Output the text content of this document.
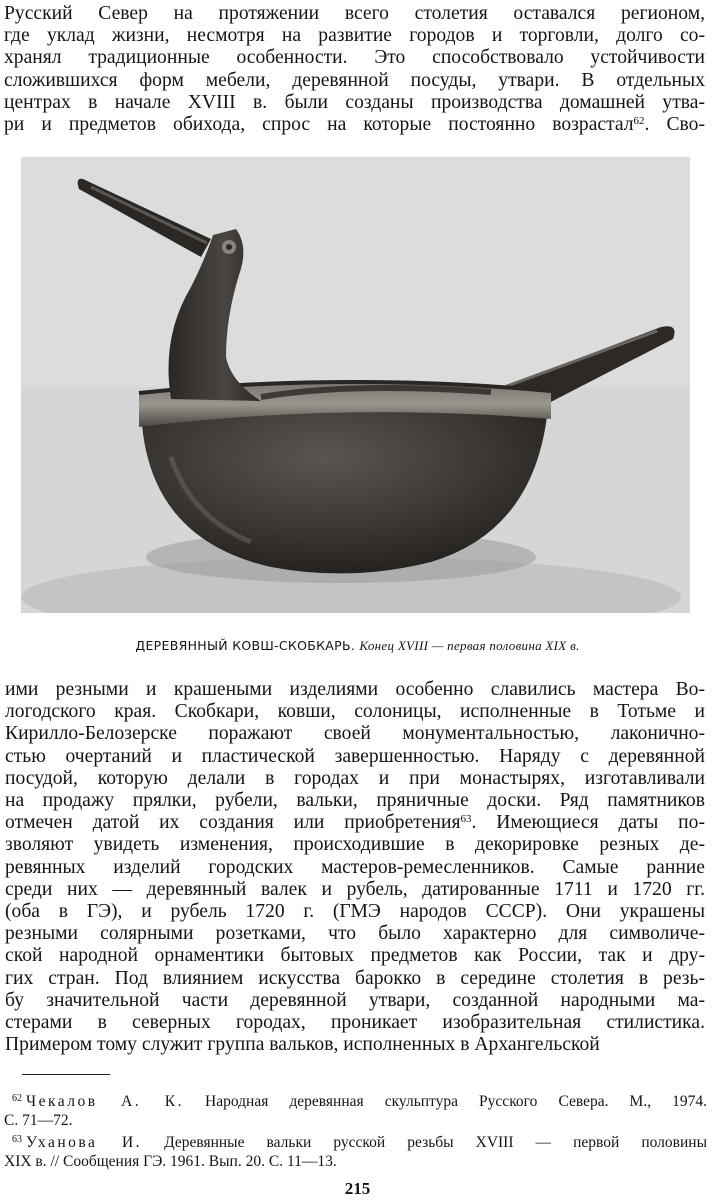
Русский Север на протяжении всего столетия оставался регионом,
где уклад жизни, несмотря на развитие городов и торговли, долго со-
хранял традиционные особенности. Это способствовало устойчивости
сложившихся форм мебели, деревянной посуды, утвари. В отдельных
центрах в начале XVIII в. были созданы производства домашней утва-
ри и предметов обихода, спрос на которые постоянно возрастал$^{62}$. Сво-
ДЕРЕВЯННЫЙ КОВШ-СКОБКАРЬ. Конец XVIII — первая половина XIX в.
ими резными и крашеными изделиями особенно славились мастера Во-
логодского края. Скобкари, ковши, солоницы, исполненные в Тотьме и
Кирилло-Белозерске поражают своей монументальностью, лаконично-
стью очертаний и пластической завершенностью. Наряду с деревянной
посудой, которую делали в городах и при монастырях, изготавливали
на продажу прялки, рубели, вальки, пряничные доски. Ряд памятников
отмечен датой их создания или приобретения$^{63}$. Имеющиеся даты по-
зволяют увидеть изменения, происходившие в декорировке резных де-
ревянных изделий городских мастеров-ремесленников. Самые ранние
среди них — деревянный валек и рубель, датированные 1711 и 1720 гг.
(оба в ГЭ), и рубель 1720 г. (ГМЭ народов СССР). Они украшены
резными солярными розетками, что было характерно для символиче-
ской народной орнаментики бытовых предметов как России, так и дру-
гих стран. Под влиянием искусства барокко в середине столетия в резь-
бу значительной части деревянной утвари, созданной народными ма-
стерами в северных городах, проникает изобразительная стилистика.
Примером тому служит группа вальков, исполненных в Архангельской
$^{62}$ Чекалов А. К. Народная деревянная скульптура Русского Севера. М., 1974.
С. 71—72.
$^{63}$ Уханова И. Деревянные вальки русской резьбы XVIII — первой половины
XIX в. // Сообщения ГЭ. 1961. Вып. 20. С. 11—13.
215
